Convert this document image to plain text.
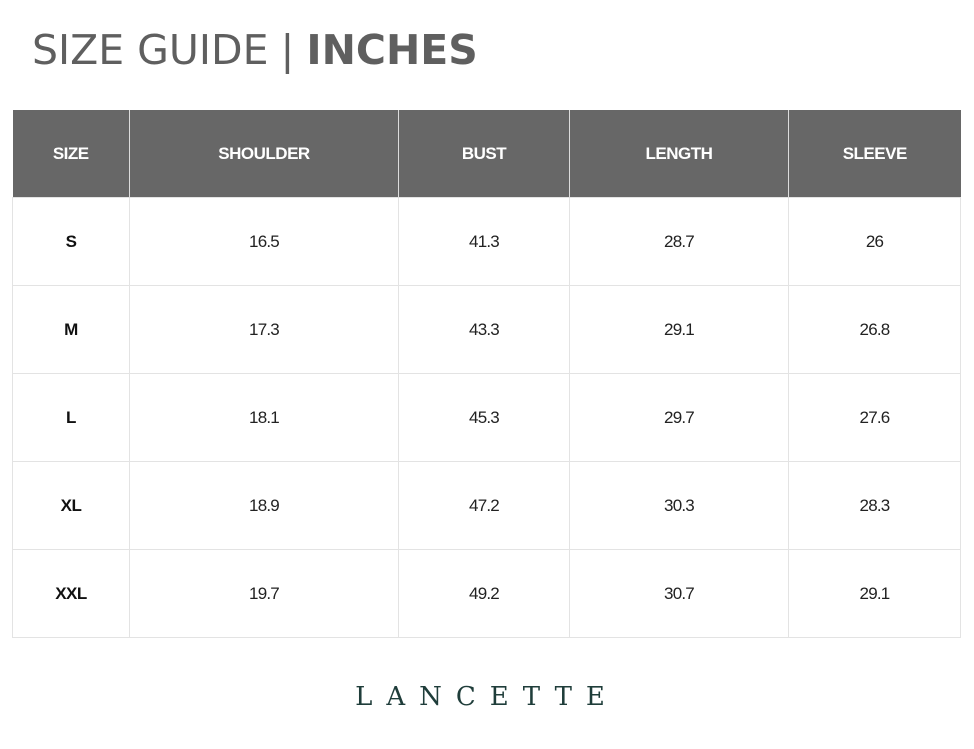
SIZE GUIDE | INCHES
SIZE	SHOULDER	BUST	LENGTH	SLEEVE
S	16.5	41.3	28.7	26
M	17.3	43.3	29.1	26.8
L	18.1	45.3	29.7	27.6
XL	18.9	47.2	30.3	28.3
XXL	19.7	49.2	30.7	29.1
LANCETTE
